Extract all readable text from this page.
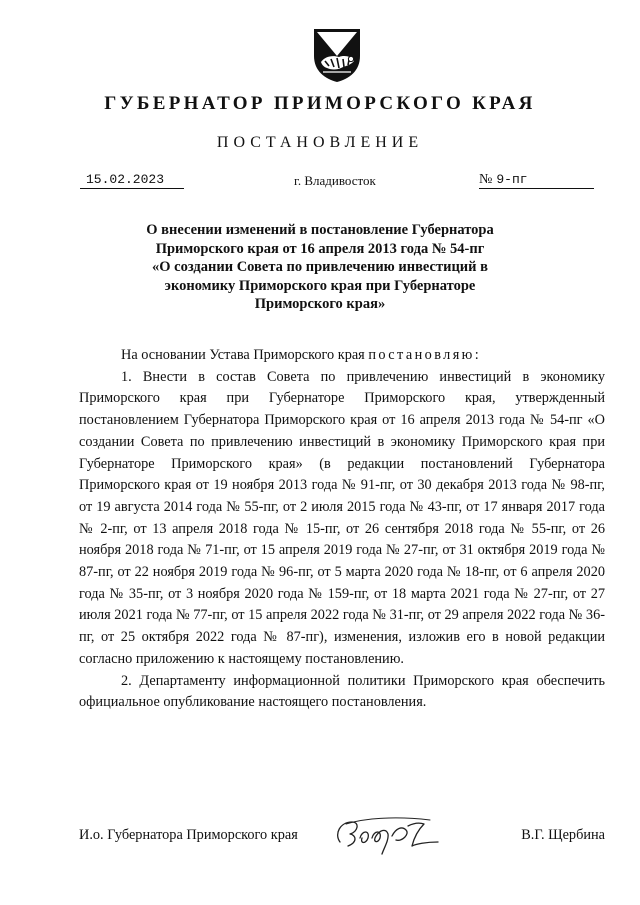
ГУБЕРНАТОР ПРИМОРСКОГО КРАЯ
ПОСТАНОВЛЕНИЕ
15.02.2023	г. Владивосток	№ 9-пг
О внесении изменений в постановление Губернатора
Приморского края от 16 апреля 2013 года № 54-пг
«О создании Совета по привлечению инвестиций в
экономику Приморского края при Губернаторе
Приморского края»

На основании Устава Приморского края постановляю:

1. Внести в состав Совета по привлечению инвестиций в экономику Приморского края при Губернаторе Приморского края, утвержденный постановлением Губернатора Приморского края от 16 апреля 2013 года № 54-пг «О создании Совета по привлечению инвестиций в экономику Приморского края при Губернаторе Приморского края» (в редакции постановлений Губернатора Приморского края от 19 ноября 2013 года № 91-пг, от 30 декабря 2013 года № 98-пг, от 19 августа 2014 года № 55-пг, от 2 июля 2015 года № 43-пг, от 17 января 2017 года № 2-пг, от 13 апреля 2018 года № 15-пг, от 26 сентября 2018 года № 55-пг, от 26 ноября 2018 года № 71-пг, от 15 апреля 2019 года № 27-пг, от 31 октября 2019 года № 87-пг, от 22 ноября 2019 года № 96-пг, от 5 марта 2020 года № 18-пг, от 6 апреля 2020 года № 35-пг, от 3 ноября 2020 года № 159-пг, от 18 марта 2021 года № 27-пг, от 27 июля 2021 года № 77-пг, от 15 апреля 2022 года № 31-пг, от 29 апреля 2022 года № 36-пг, от 25 октября 2022 года № 87-пг), изменения, изложив его в новой редакции согласно приложению к настоящему постановлению.

2. Департаменту информационной политики Приморского края обеспечить официальное опубликование настоящего постановления.

И.о. Губернатора Приморского края	В.Г. Щербина
